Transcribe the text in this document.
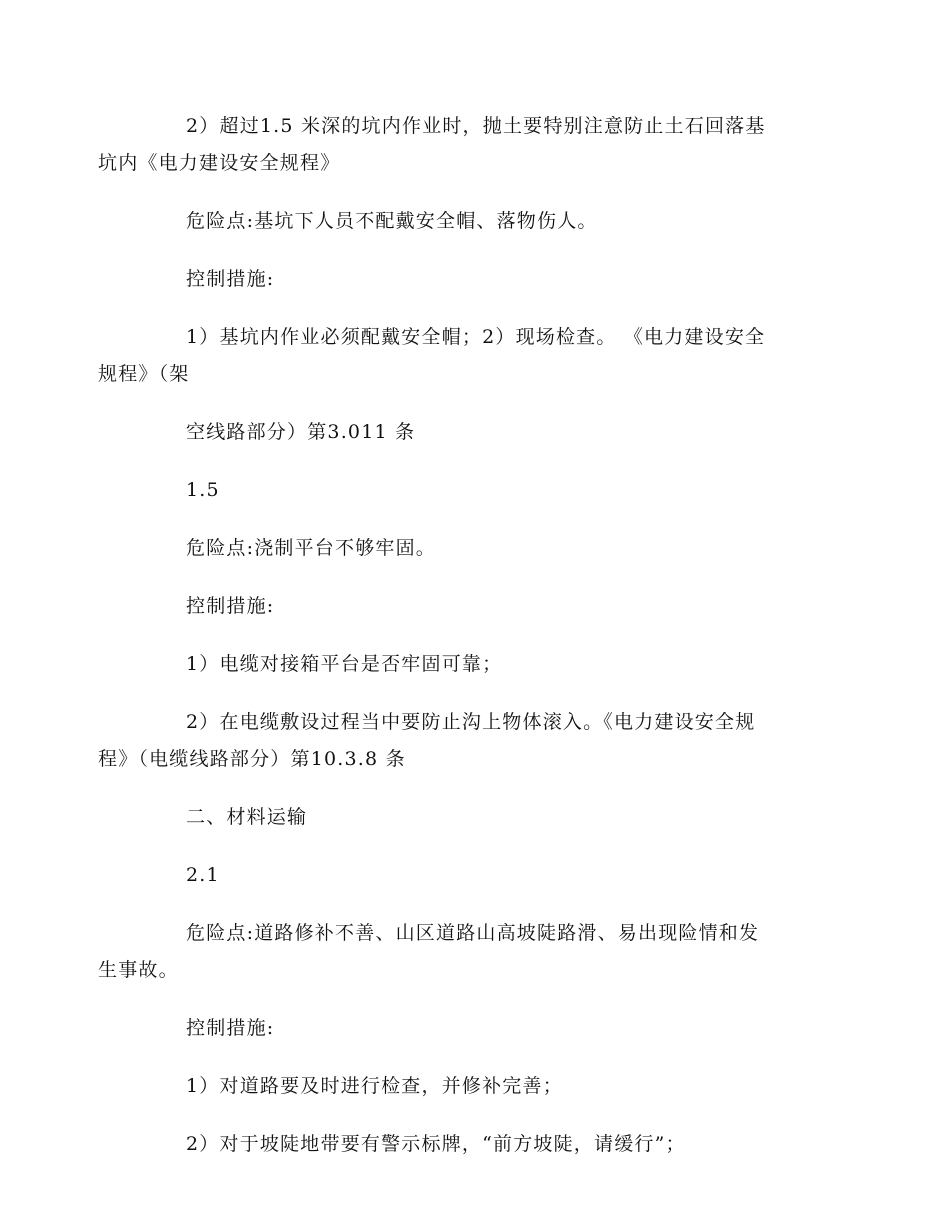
2）超过1.5 米深的坑内作业时，抛土要特别注意防止土石回落基
坑内《电力建设安全规程》

危险点:基坑下人员不配戴安全帽、落物伤人。

控制措施:

1）基坑内作业必须配戴安全帽；2）现场检查。 《电力建设安全
规程》（架

空线路部分）第3.011 条

1.5

危险点:浇制平台不够牢固。

控制措施:

1）电缆对接箱平台是否牢固可靠；

2）在电缆敷设过程当中要防止沟上物体滚入。《电力建设安全规
程》（电缆线路部分）第10.3.8 条

二、材料运输

2.1

危险点:道路修补不善、山区道路山高坡陡路滑、易出现险情和发
生事故。

控制措施:

1）对道路要及时进行检查，并修补完善；

2）对于坡陡地带要有警示标牌，“前方坡陡，请缓行”；
